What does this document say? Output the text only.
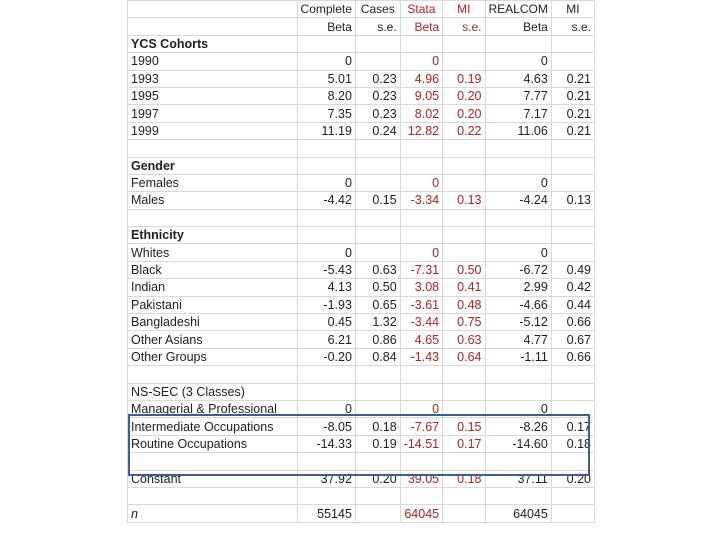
	Complete	Cases	Stata	MI	REALCOM	MI
	Beta	s.e.	Beta	s.e.	Beta	s.e.
YCS Cohorts						
1990	0		0		0	
1993	5.01	0.23	4.96	0.19	4.63	0.21
1995	8.20	0.23	9.05	0.20	7.77	0.21
1997	7.35	0.23	8.02	0.20	7.17	0.21
1999	11.19	0.24	12.82	0.22	11.06	0.21

Gender						
Females	0		0		0	
Males	-4.42	0.15	-3.34	0.13	-4.24	0.13

Ethnicity						
Whites	0		0		0	
Black	-5.43	0.63	-7.31	0.50	-6.72	0.49
Indian	4.13	0.50	3.08	0.41	2.99	0.42
Pakistani	-1.93	0.65	-3.61	0.48	-4.66	0.44
Bangladeshi	0.45	1.32	-3.44	0.75	-5.12	0.66
Other Asians	6.21	0.86	4.65	0.63	4.77	0.67
Other Groups	-0.20	0.84	-1.43	0.64	-1.11	0.66

NS-SEC (3 Classes)						
Managerial & Professional	0		0		0	
Intermediate Occupations	-8.05	0.18	-7.67	0.15	-8.26	0.17
Routine Occupations	-14.33	0.19	-14.51	0.17	-14.60	0.18

Constant	37.92	0.20	39.05	0.18	37.11	0.20

n	55145		64045		64045	
